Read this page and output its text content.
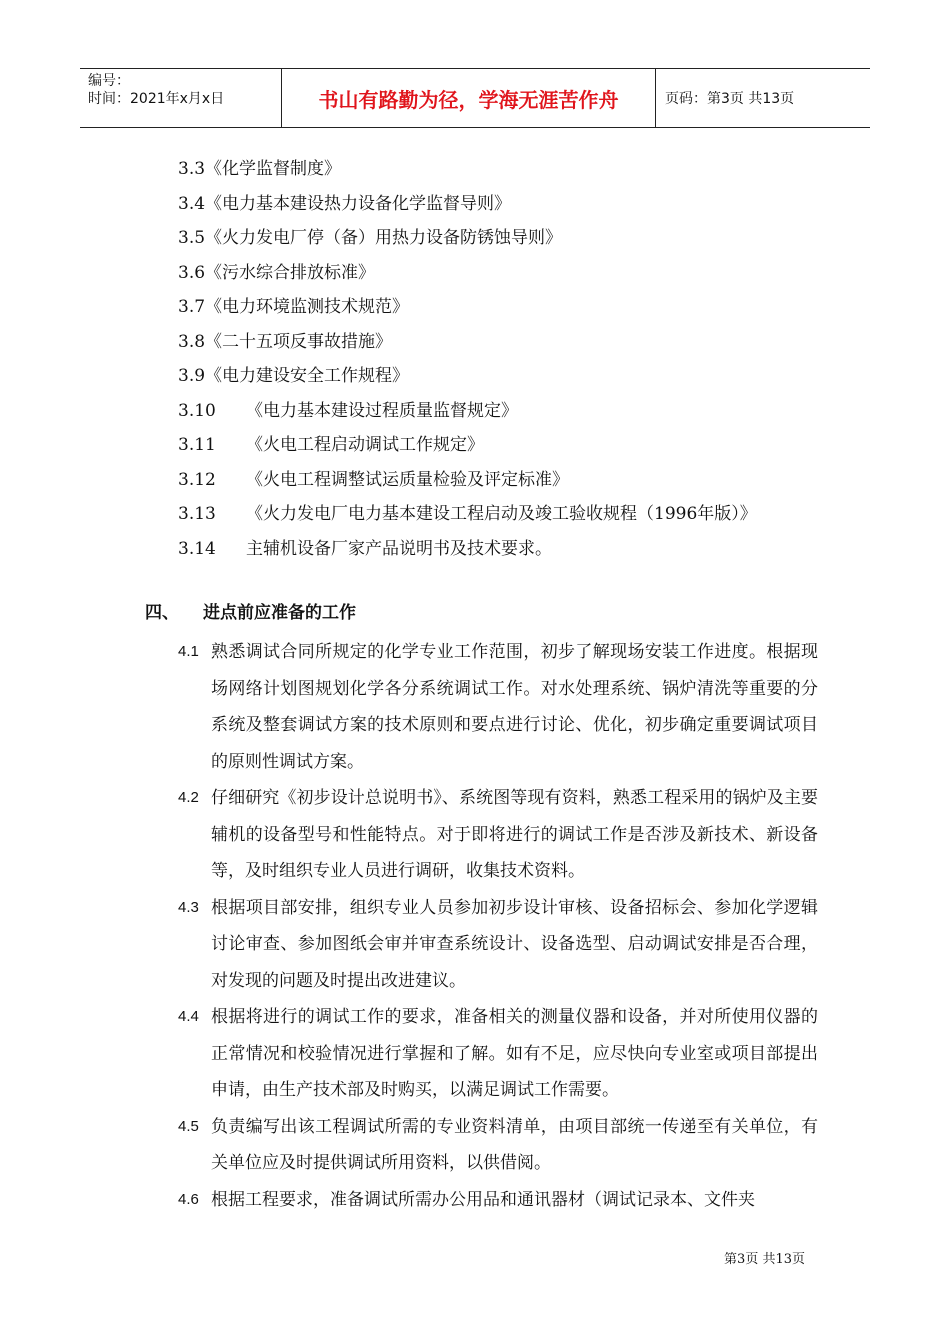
编号：
时间：2021年x月x日	书山有路勤为径，学海无涯苦作舟	页码：第3页 共13页
3.3《化学监督制度》
3.4《电力基本建设热力设备化学监督导则》
3.5《火力发电厂停（备）用热力设备防锈蚀导则》
3.6《污水综合排放标准》
3.7《电力环境监测技术规范》
3.8《二十五项反事故措施》
3.9《电力建设安全工作规程》
3.10 《电力基本建设过程质量监督规定》
3.11 《火电工程启动调试工作规定》
3.12 《火电工程调整试运质量检验及评定标准》
3.13 《火力发电厂电力基本建设工程启动及竣工验收规程（1996年版）》
3.14 主辅机设备厂家产品说明书及技术要求。
四、 进点前应准备的工作
4.1 熟悉调试合同所规定的化学专业工作范围，初步了解现场安装工作进度。根据现场网络计划图规划化学各分系统调试工作。对水处理系统、锅炉清洗等重要的分系统及整套调试方案的技术原则和要点进行讨论、优化，初步确定重要调试项目的原则性调试方案。
4.2 仔细研究《初步设计总说明书》、系统图等现有资料，熟悉工程采用的锅炉及主要辅机的设备型号和性能特点。对于即将进行的调试工作是否涉及新技术、新设备等，及时组织专业人员进行调研，收集技术资料。
4.3 根据项目部安排，组织专业人员参加初步设计审核、设备招标会、参加化学逻辑讨论审查、参加图纸会审并审查系统设计、设备选型、启动调试安排是否合理，对发现的问题及时提出改进建议。
4.4 根据将进行的调试工作的要求，准备相关的测量仪器和设备，并对所使用仪器的正常情况和校验情况进行掌握和了解。如有不足，应尽快向专业室或项目部提出申请，由生产技术部及时购买，以满足调试工作需要。
4.5 负责编写出该工程调试所需的专业资料清单，由项目部统一传递至有关单位，有关单位应及时提供调试所用资料，以供借阅。
4.6 根据工程要求，准备调试所需办公用品和通讯器材（调试记录本、文件夹
第3页 共13页
